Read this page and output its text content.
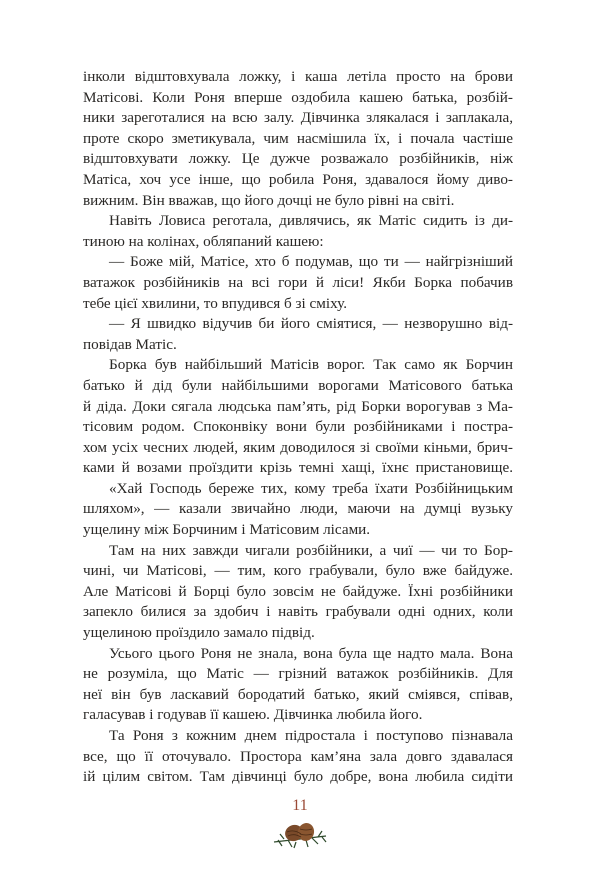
інколи відштовхувала ложку, і каша летіла просто на брови
Матісові. Коли Роня вперше оздобила кашею батька, розбій-
ники зареготалися на всю залу. Дівчинка злякалася і заплакала,
проте скоро зметикувала, чим насмішила їх, і почала частіше
відштовхувати ложку. Це дужче розважало розбійників, ніж
Матіса, хоч усе інше, що робила Роня, здавалося йому диво-
вижним. Він вважав, що його дочці не було рівні на світі.
Навіть Ловиса реготала, дивлячись, як Матіс сидить із ди-
тиною на колінах, обляпаний кашею:
— Боже мій, Матісе, хто б подумав, що ти — найгрізніший
ватажок розбійників на всі гори й ліси! Якби Борка побачив
тебе цієї хвилини, то впудився б зі сміху.
— Я швидко відучив би його сміятися, — незворушно від-
повідав Матіс.
Борка був найбільший Матісів ворог. Так само як Борчин
батько й дід були найбільшими ворогами Матісового батька
й діда. Доки сягала людська пам’ять, рід Борки ворогував з Ма-
тісовим родом. Споконвіку вони були розбійниками і постра-
хом усіх чесних людей, яким доводилося зі своїми кіньми, брич-
ками й возами проїздити крізь темні хащі, їхнє пристановище.
«Хай Господь береже тих, кому треба їхати Розбійницьким
шляхом», — казали звичайно люди, маючи на думці вузьку
ущелину між Борчиним і Матісовим лісами.
Там на них завжди чигали розбійники, а чиї — чи то Бор-
чині, чи Матісові, — тим, кого грабували, було вже байдуже.
Але Матісові й Борці було зовсім не байдуже. Їхні розбійники
запекло билися за здобич і навіть грабували одні одних, коли
ущелиною проїздило замало підвід.
Усього цього Роня не знала, вона була ще надто мала. Вона
не розуміла, що Матіс — грізний ватажок розбійників. Для
неї він був ласкавий бородатий батько, який сміявся, співав,
галасував і годував її кашею. Дівчинка любила його.
Та Роня з кожним днем підростала і поступово пізнавала
все, що її оточувало. Простора кам’яна зала довго здавалася
ій цілим світом. Там дівчинці було добре, вона любила сидіти
11
